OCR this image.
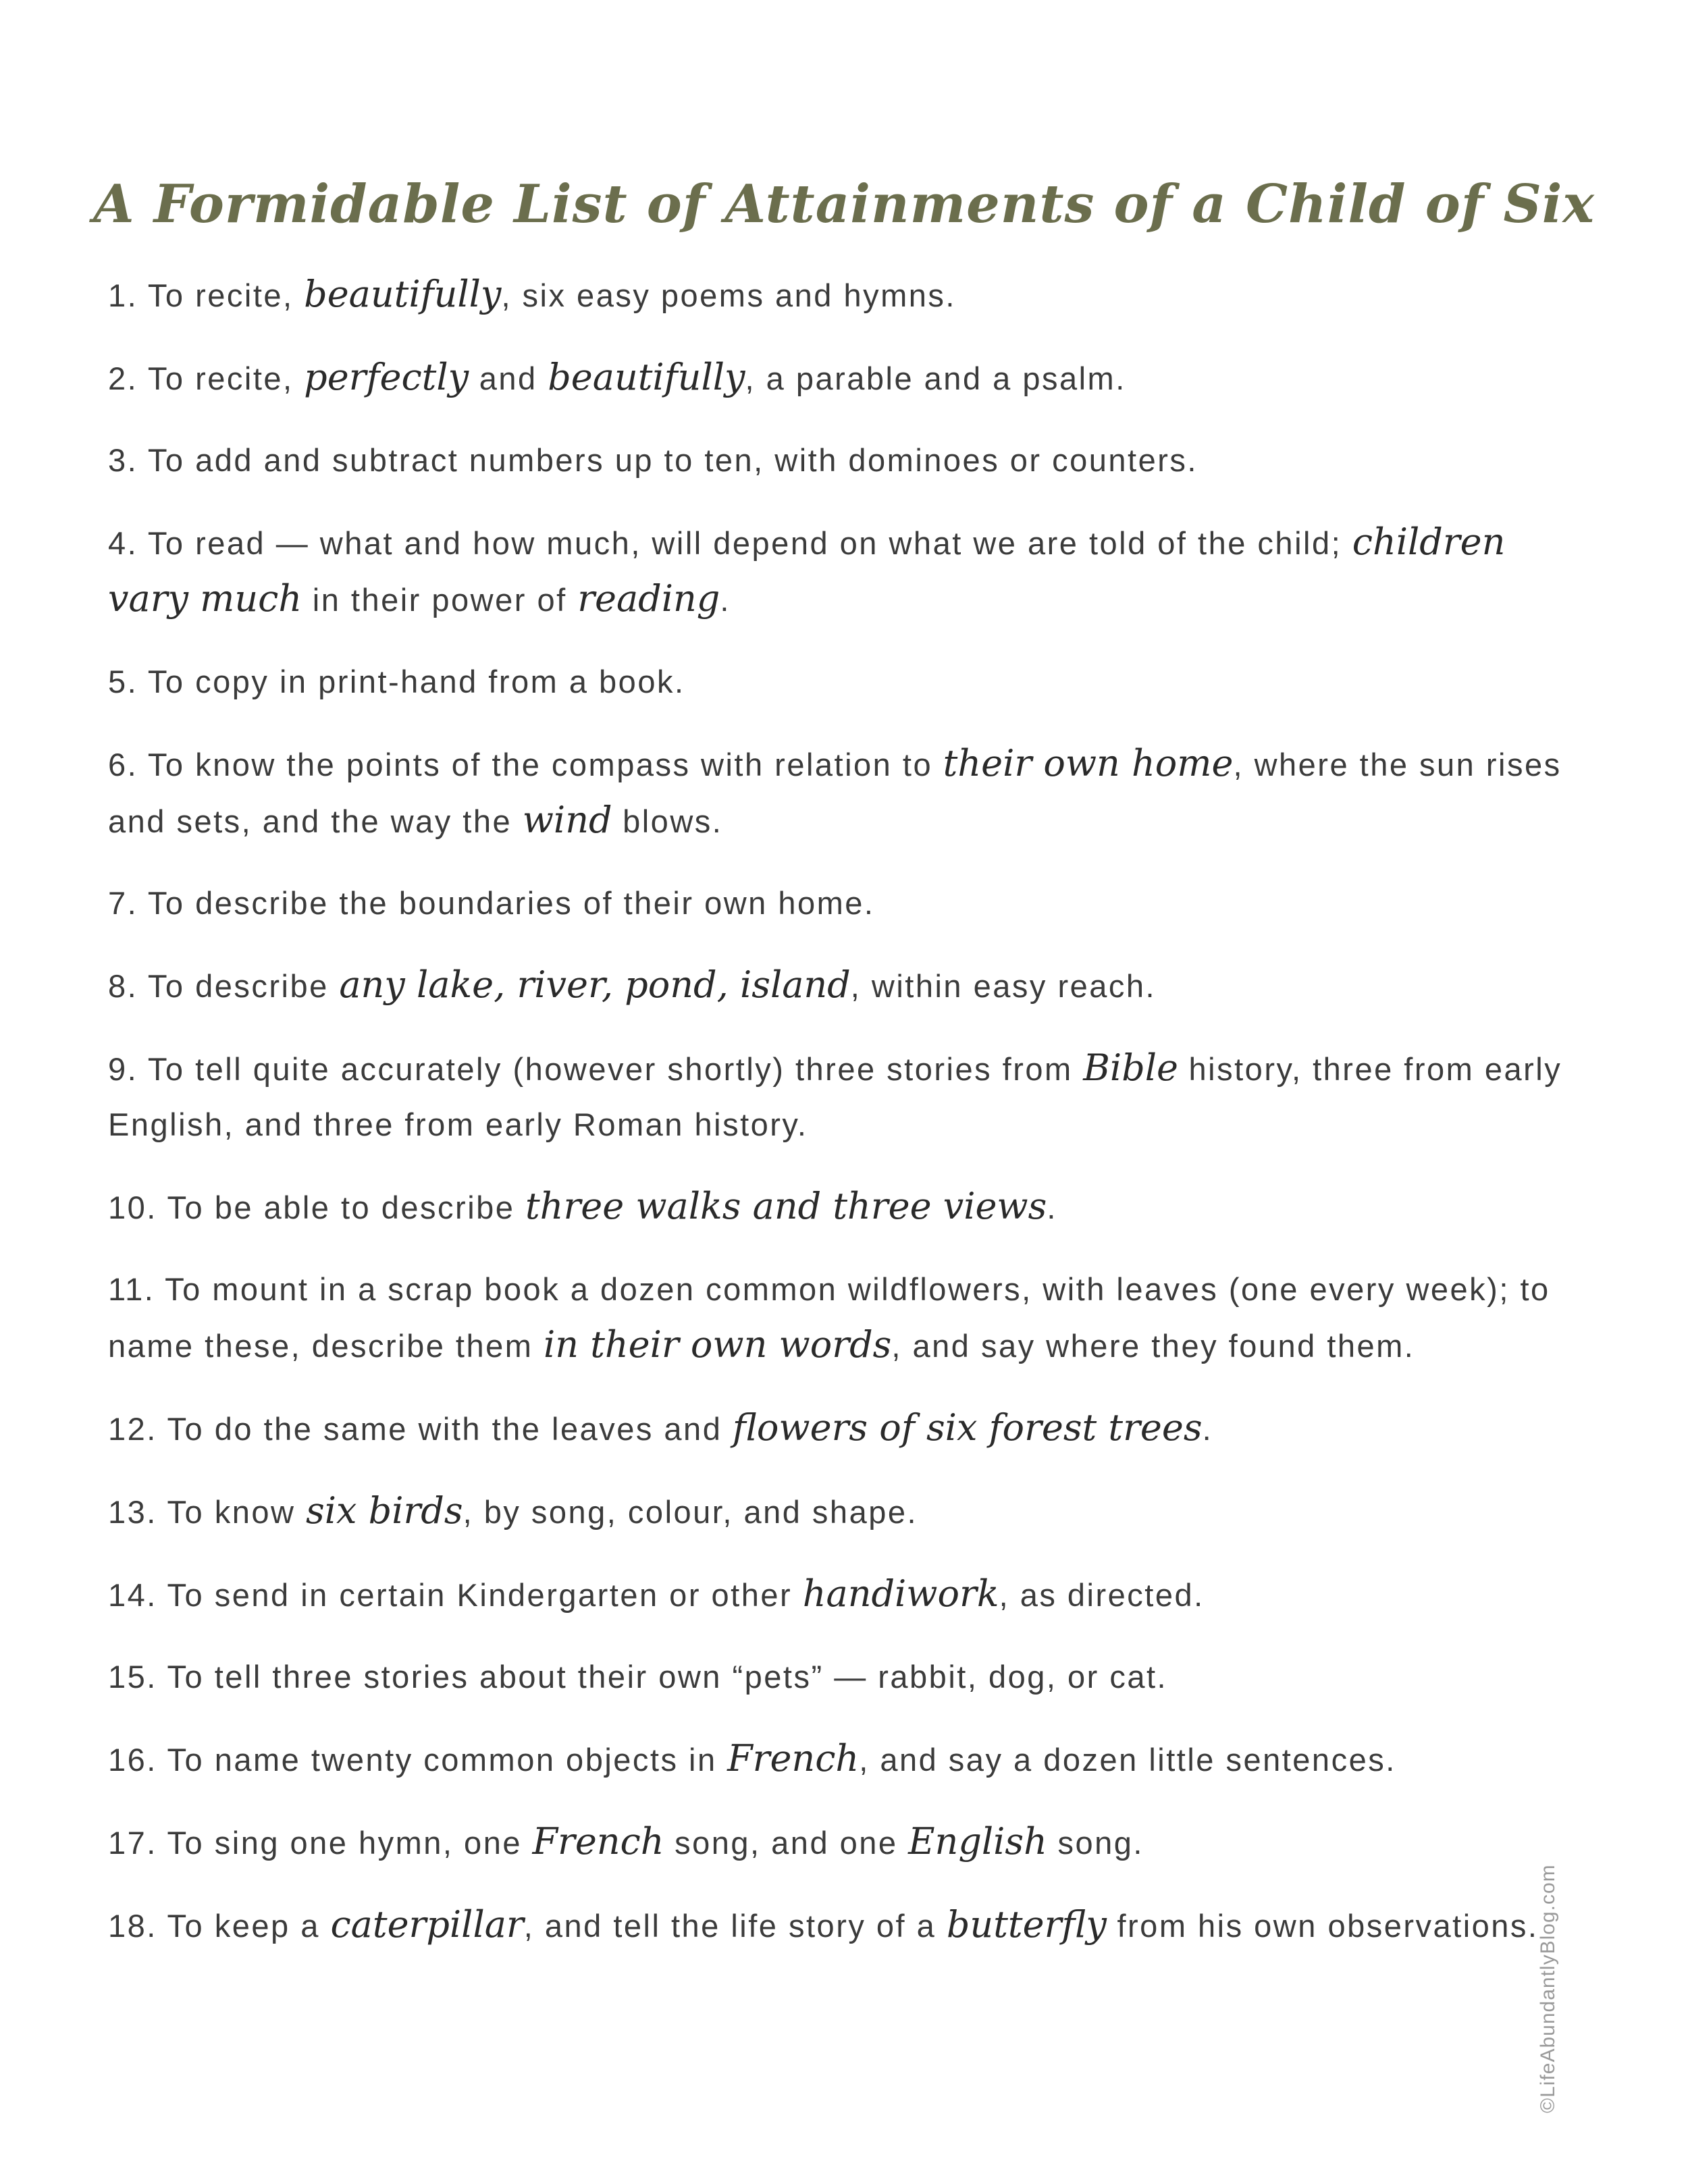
A Formidable List of Attainments of a Child of Six
1. To recite, beautifully, six easy poems and hymns.
2. To recite, perfectly and beautifully, a parable and a psalm.
3. To add and subtract numbers up to ten, with dominoes or counters.
4. To read — what and how much, will depend on what we are told of the child; children vary much in their power of reading.
5. To copy in print-hand from a book.
6. To know the points of the compass with relation to their own home, where the sun rises and sets, and the way the wind blows.
7. To describe the boundaries of their own home.
8. To describe any lake, river, pond, island, within easy reach.
9. To tell quite accurately (however shortly) three stories from Bible history, three from early English, and three from early Roman history.
10. To be able to describe three walks and three views.
11. To mount in a scrap book a dozen common wildflowers, with leaves (one every week); to name these, describe them in their own words, and say where they found them.
12. To do the same with the leaves and flowers of six forest trees.
13. To know six birds, by song, colour, and shape.
14. To send in certain Kindergarten or other handiwork, as directed.
15. To tell three stories about their own “pets” — rabbit, dog, or cat.
16. To name twenty common objects in French, and say a dozen little sentences.
17. To sing one hymn, one French song, and one English song.
18. To keep a caterpillar, and tell the life story of a butterfly from his own observations.
©LifeAbundantlyBlog.com
